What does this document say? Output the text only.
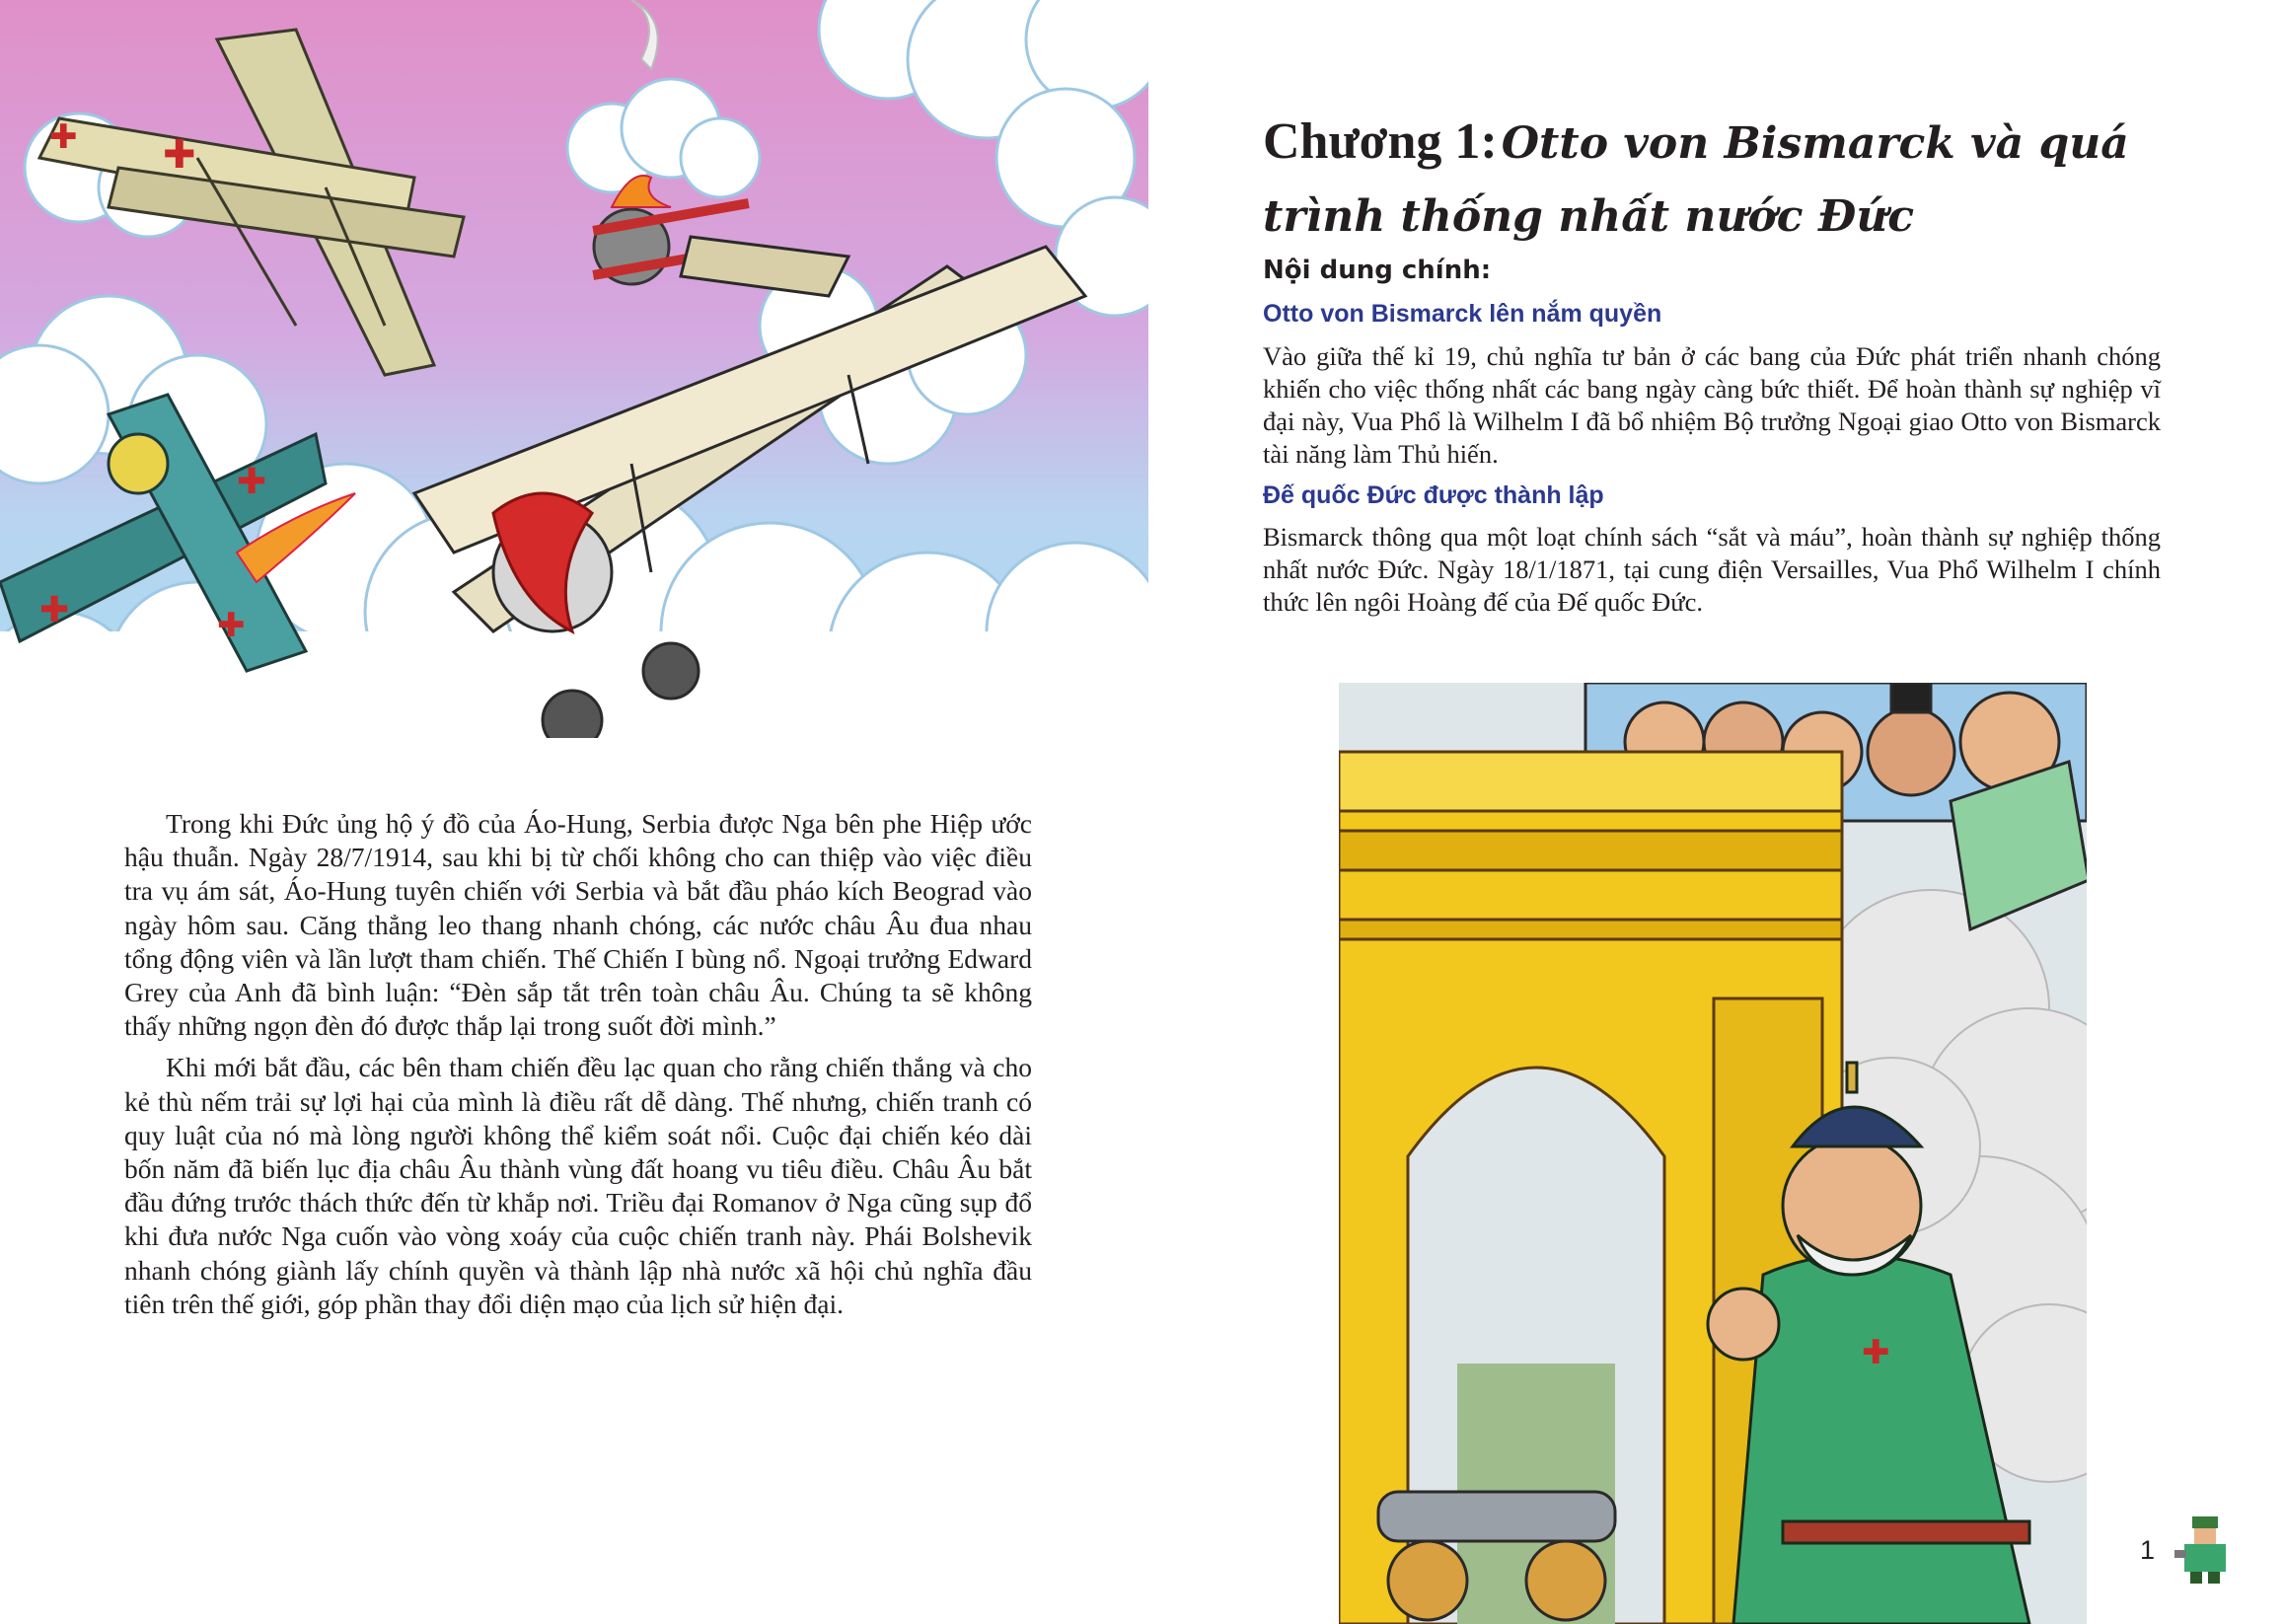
✚
✚
✚
✚	✚

Trong khi Đức ủng hộ ý đồ của Áo-Hung, Serbia được Nga bên phe Hiệp ước hậu thuẫn. Ngày 28/7/1914, sau khi bị từ chối không cho can thiệp vào việc điều tra vụ ám sát, Áo-Hung tuyên chiến với Serbia và bắt đầu pháo kích Beograd vào ngày hôm sau. Căng thẳng leo thang nhanh chóng, các nước châu Âu đua nhau tổng động viên và lần lượt tham chiến. Thế Chiến I bùng nổ. Ngoại trưởng Edward Grey của Anh đã bình luận: “Đèn sắp tắt trên toàn châu Âu. Chúng ta sẽ không thấy những ngọn đèn đó được thắp lại trong suốt đời mình.”

Khi mới bắt đầu, các bên tham chiến đều lạc quan cho rằng chiến thắng và cho kẻ thù nếm trải sự lợi hại của mình là điều rất dễ dàng. Thế nhưng, chiến tranh có quy luật của nó mà lòng người không thể kiểm soát nổi. Cuộc đại chiến kéo dài bốn năm đã biến lục địa châu Âu thành vùng đất hoang vu tiêu điều. Châu Âu bắt đầu đứng trước thách thức đến từ khắp nơi. Triều đại Romanov ở Nga cũng sụp đổ khi đưa nước Nga cuốn vào vòng xoáy của cuộc chiến tranh này. Phái Bolshevik nhanh chóng giành lấy chính quyền và thành lập nhà nước xã hội chủ nghĩa đầu tiên trên thế giới, góp phần thay đổi diện mạo của lịch sử hiện đại.

Chương 1: Otto von Bismarck và quá trình thống nhất nước Đức
Nội dung chính:
Otto von Bismarck lên nắm quyền

Vào giữa thế kỉ 19, chủ nghĩa tư bản ở các bang của Đức phát triển nhanh chóng khiến cho việc thống nhất các bang ngày càng bức thiết. Để hoàn thành sự nghiệp vĩ đại này, Vua Phổ là Wilhelm I đã bổ nhiệm Bộ trưởng Ngoại giao Otto von Bismarck tài năng làm Thủ hiến.

Đế quốc Đức được thành lập

Bismarck thông qua một loạt chính sách “sắt và máu”, hoàn thành sự nghiệp thống nhất nước Đức. Ngày 18/1/1871, tại cung điện Versailles, Vua Phổ Wilhelm I chính thức lên ngôi Hoàng đế của Đế quốc Đức.

✚
1
